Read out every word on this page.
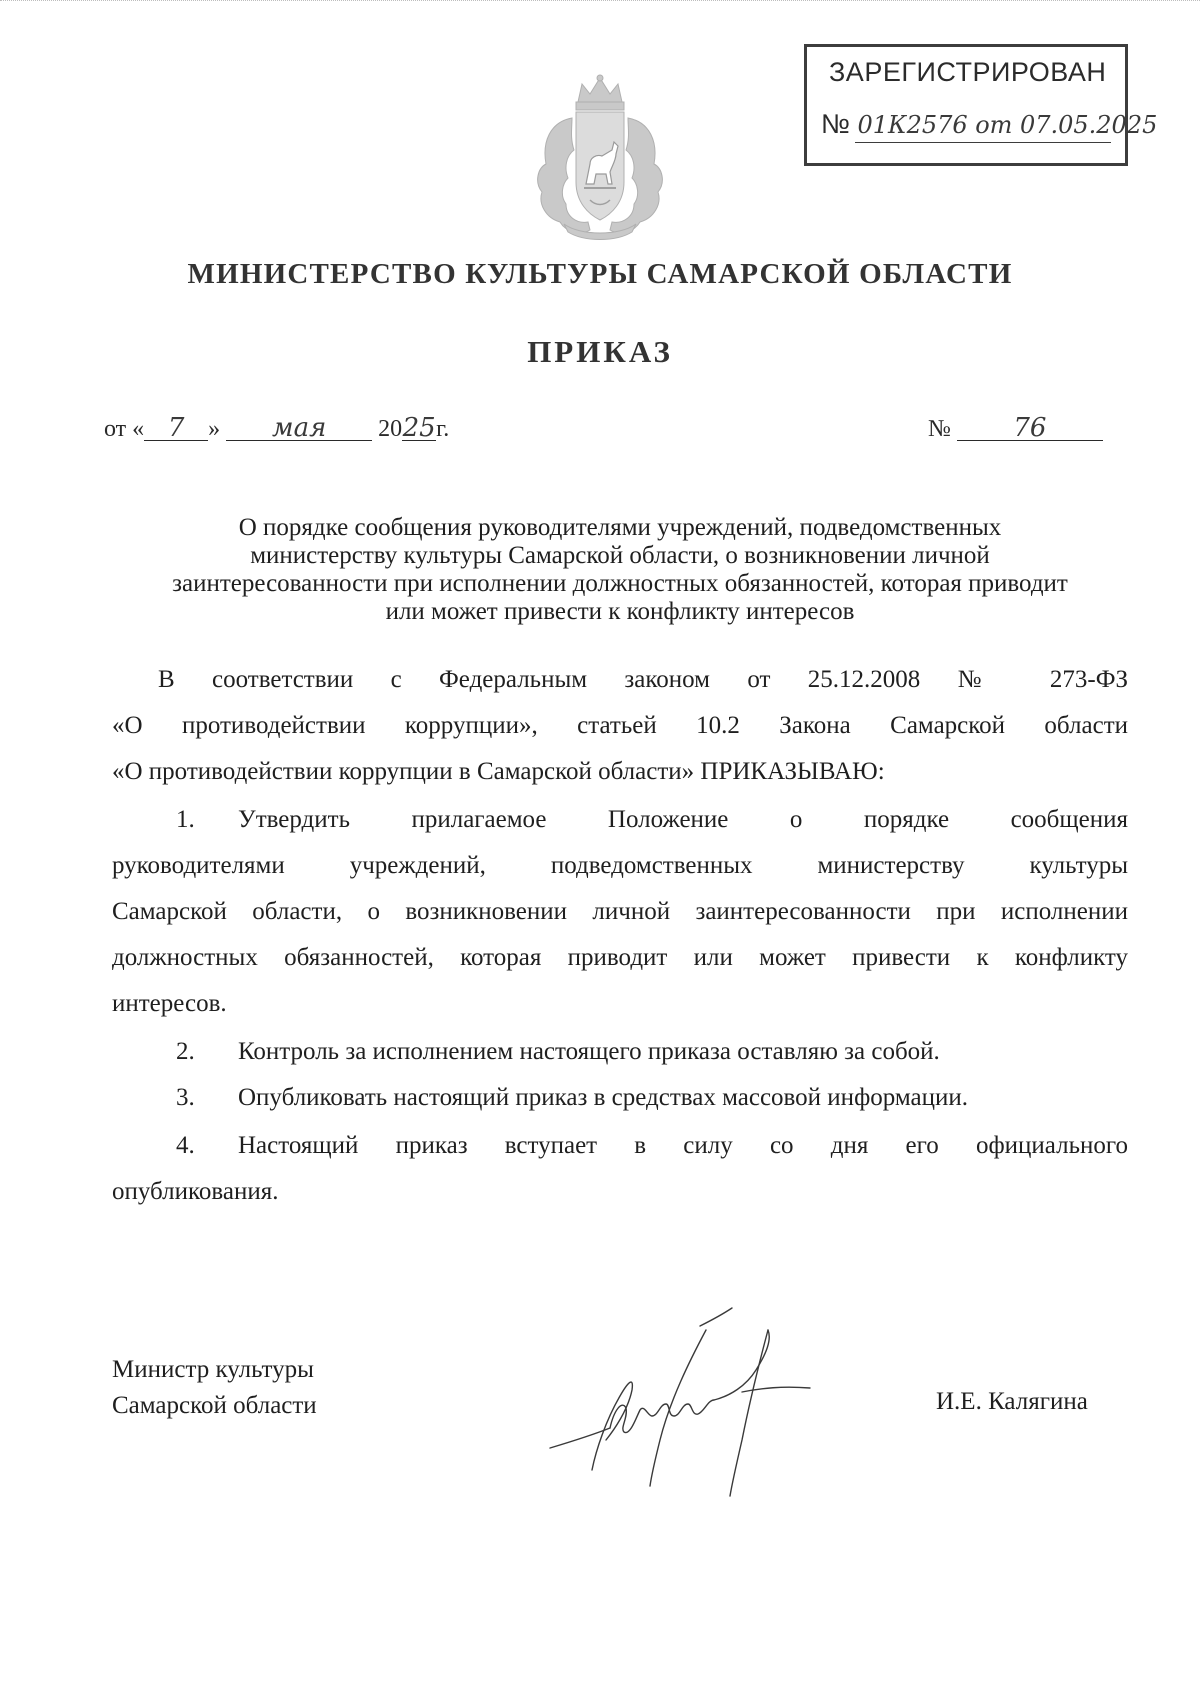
ЗАРЕГИСТРИРОВАН
№ 01К2576 от 07.05.2025
МИНИСТЕРСТВО КУЛЬТУРЫ САМАРСКОЙ ОБЛАСТИ
ПРИКАЗ
от « 7 » мая 2025г.	№ 76
О порядке сообщения руководителями учреждений, подведомственных
министерству культуры Самарской области, о возникновении личной
заинтересованности при исполнении должностных обязанностей, которая приводит
или может привести к конфликту интересов
В соответствии с Федеральным законом от 25.12.2008 № 273-ФЗ
«О противодействии коррупции», статьей 10.2 Закона Самарской области
«О противодействии коррупции в Самарской области» ПРИКАЗЫВАЮ:
1. Утвердить прилагаемое Положение о порядке сообщения
руководителями учреждений, подведомственных министерству культуры
Самарской области, о возникновении личной заинтересованности при исполнении
должностных обязанностей, которая приводит или может привести к конфликту
интересов.
2. Контроль за исполнением настоящего приказа оставляю за собой.
3. Опубликовать настоящий приказ в средствах массовой информации.
4. Настоящий приказ вступает в силу со дня его официального
опубликования.
Министр культуры
Самарской области	И.Е. Калягина
